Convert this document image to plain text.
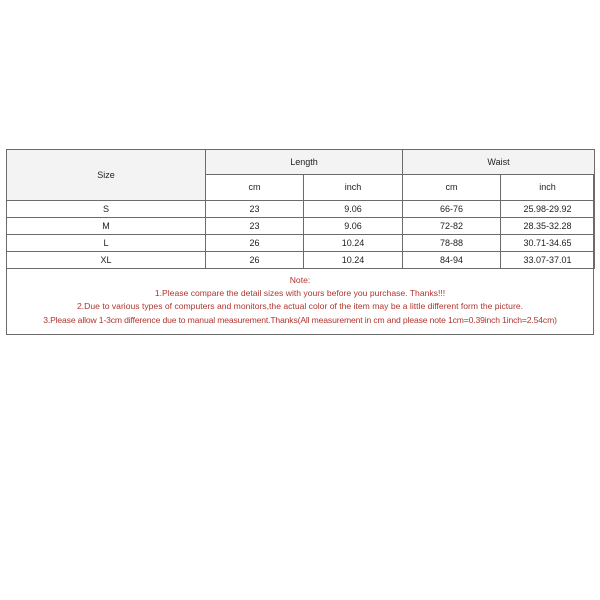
Size	Length		Waist	
	cm	inch	cm	inch
S	23	9.06	66-76	25.98-29.92
M	23	9.06	72-82	28.35-32.28
L	26	10.24	78-88	30.71-34.65
XL	26	10.24	84-94	33.07-37.01
Note:
1.Please compare the detail sizes with yours before you purchase. Thanks!!!
2.Due to various types of computers and monitors,the actual color of the item may be a little different form the picture.
3.Please allow 1-3cm difference due to manual measurement.Thanks(All measurement in cm and please note 1cm=0.39inch 1inch=2.54cm)
